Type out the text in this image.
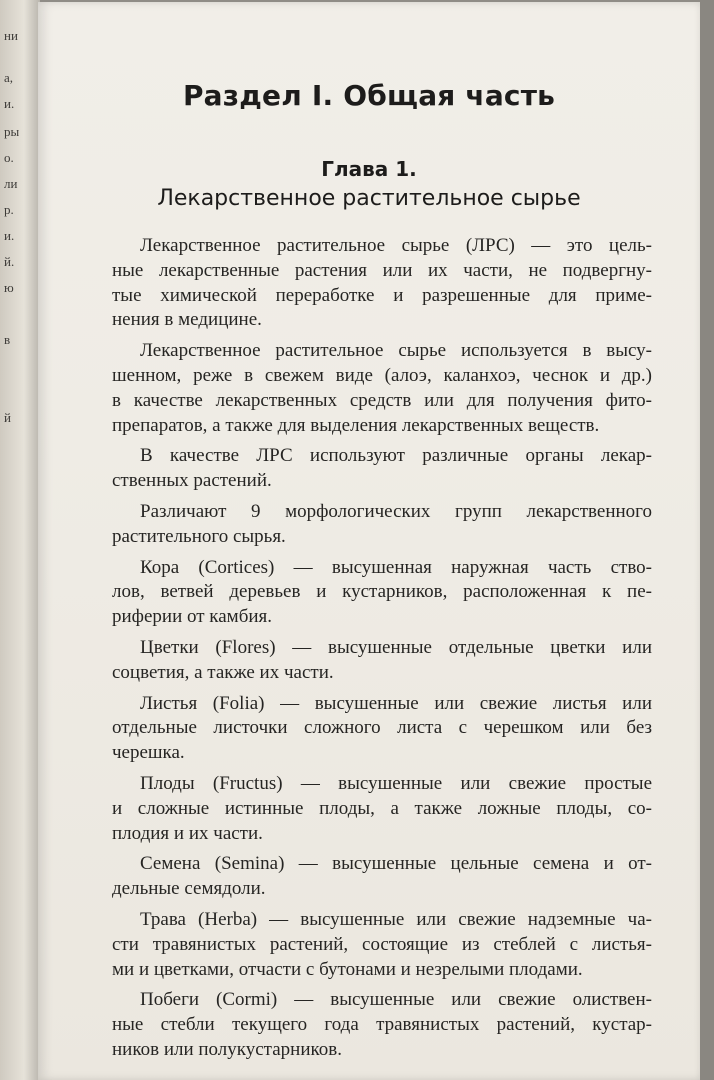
ни
а,
и.
ры
о.
ли
р.
и.
й.
ю
в
й
Раздел I. Общая часть
Глава 1.
Лекарственное растительное сырье

Лекарственное растительное сырье (ЛРС) — это цель-
ные лекарственные растения или их части, не подвергну-
тые химической переработке и разрешенные для приме-
нения в медицине.

Лекарственное растительное сырье используется в высу-
шенном, реже в свежем виде (алоэ, каланхоэ, чеснок и др.)
в качестве лекарственных средств или для получения фито-
препаратов, а также для выделения лекарственных веществ.

В качестве ЛРС используют различные органы лекар-
ственных растений.

Различают 9 морфологических групп лекарственного
растительного сырья.

Кора (Cortices) — высушенная наружная часть ство-
лов, ветвей деревьев и кустарников, расположенная к пе-
риферии от камбия.

Цветки (Flores) — высушенные отдельные цветки или
соцветия, а также их части.

Листья (Folia) — высушенные или свежие листья или
отдельные листочки сложного листа с черешком или без
черешка.

Плоды (Fructus) — высушенные или свежие простые
и сложные истинные плоды, а также ложные плоды, со-
плодия и их части.

Семена (Semina) — высушенные цельные семена и от-
дельные семядоли.

Трава (Herba) — высушенные или свежие надземные ча-
сти травянистых растений, состоящие из стеблей с листья-
ми и цветками, отчасти с бутонами и незрелыми плодами.

Побеги (Cormi) — высушенные или свежие олиствен-
ные стебли текущего года травянистых растений, кустар-
ников или полукустарников.
